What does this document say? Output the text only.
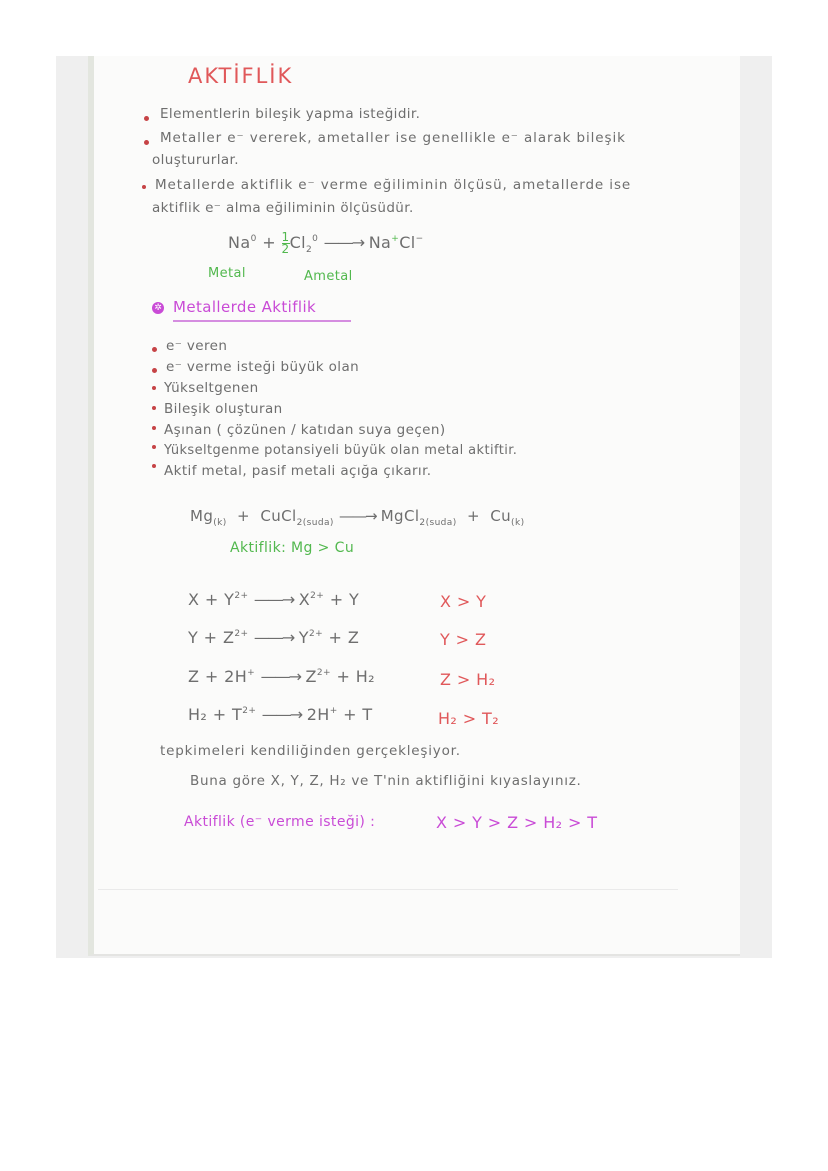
AKTİFLİK
Elementlerin bileşik yapma isteğidir.
Metaller e⁻ vererek, ametaller ise genellikle e⁻ alarak bileşik
oluştururlar.
Metallerde aktiflik e⁻ verme eğiliminin ölçüsü, ametallerde ise
aktiflik e⁻ alma eğiliminin ölçüsüdür.
$Na^0 + \frac{1}{2} Cl_2^0$ ——→ Na+Cl−
Metal	Ametal
✲ Metallerde Aktiflik
e⁻ veren
e⁻ verme isteği büyük olan
Yükseltgenen
Bileşik oluşturan
Aşınan ( çözünen / katıdan suya geçen)
Yükseltgenme potansiyeli büyük olan metal aktiftir.
Aktif metal, pasif metali açığa çıkarır.
$Mg_{(k)}$ + CuCl$_{2(suda)}$ ——→ MgCl$_{2(suda)}$ + $Cu_{(k)}$
Aktiflik: Mg > Cu
$X + Y^{2+}$ ——→ $X^{2+} + Y$	X > Y
$Y + Z^{2+}$ ——→ $Y^{2+} + Z$	Y > Z
Z + 2H+ ——→ $Z^{2+} + H_2$	Z > H₂
$H_2 + T^{2+}$ ——→ 2H+ + T	H₂ > T₂
tepkimeleri kendiliğinden gerçekleşiyor.
Buna göre X, Y, Z, H₂ ve T'nin aktifliğini kıyaslayınız.
Aktiflik (e⁻ verme isteği) :	X > Y > Z > H₂ > T
